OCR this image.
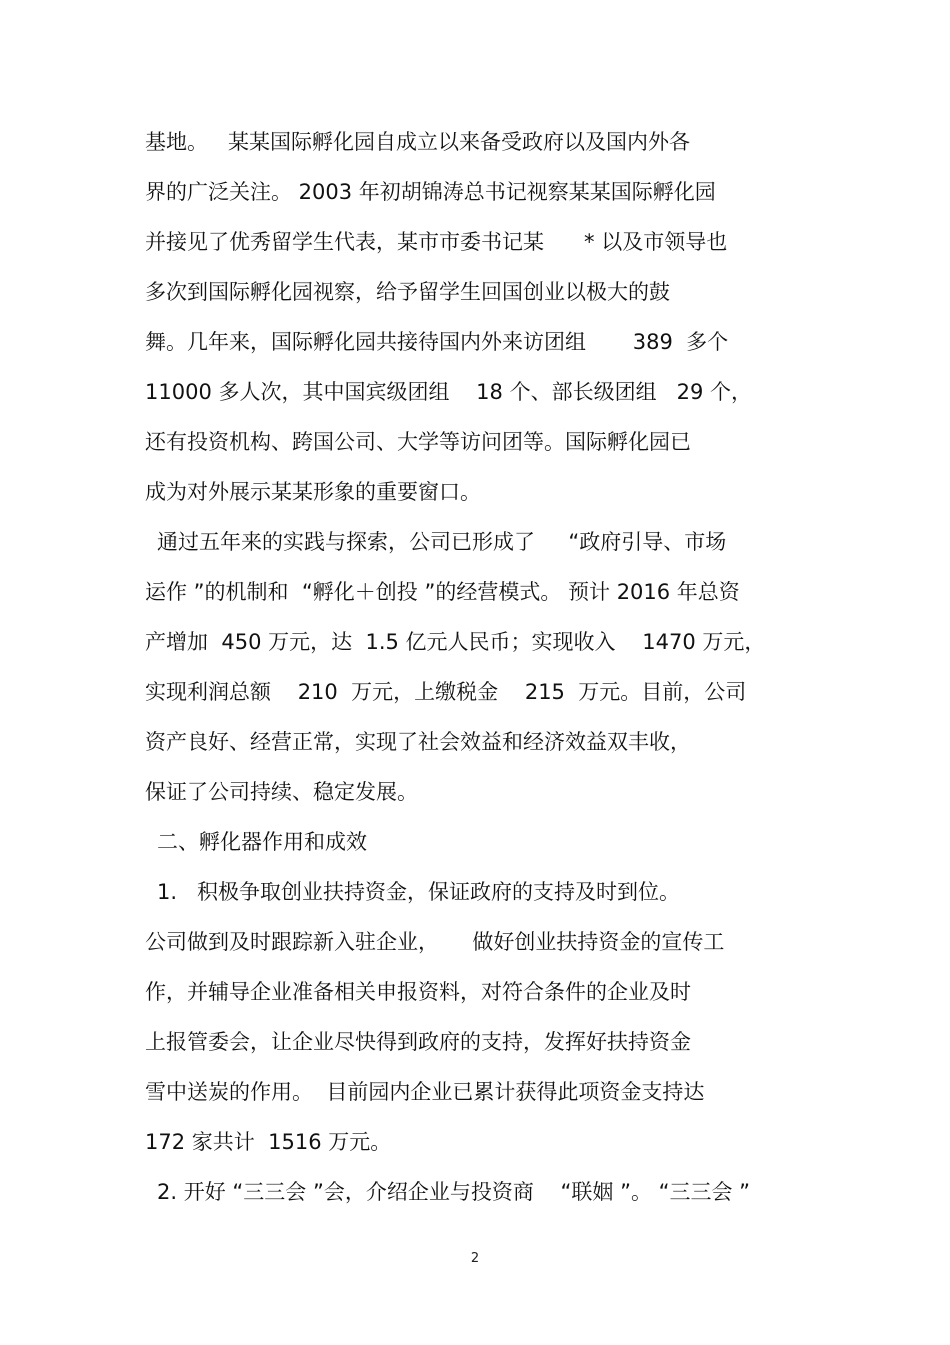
基地。   某某国际孵化园自成立以来备受政府以及国内外各
界的广泛关注。 2003 年初胡锦涛总书记视察某某国际孵化园
并接见了优秀留学生代表，某市市委书记某      * 以及市领导也
多次到国际孵化园视察，给予留学生回国创业以极大的鼓
舞。几年来，国际孵化园共接待国内外来访团组       389  多个
11000 多人次，其中国宾级团组    18 个、部长级团组   29 个，
还有投资机构、跨国公司、大学等访问团等。国际孵化园已
成为对外展示某某形象的重要窗口。
通过五年来的实践与探索，公司已形成了     “政府引导、市场
运作 ”的机制和  “孵化＋创投 ”的经营模式。 预计 2016 年总资
产增加  450 万元，达  1.5 亿元人民币；实现收入    1470 万元，
实现利润总额    210  万元，上缴税金    215  万元。目前，公司
资产良好、经营正常，实现了社会效益和经济效益双丰收，
保证了公司持续、稳定发展。
二、孵化器作用和成效
1.   积极争取创业扶持资金，保证政府的支持及时到位。
公司做到及时跟踪新入驻企业，     做好创业扶持资金的宣传工
作，并辅导企业准备相关申报资料，对符合条件的企业及时
上报管委会，让企业尽快得到政府的支持，发挥好扶持资金
雪中送炭的作用。  目前园内企业已累计获得此项资金支持达
172 家共计  1516 万元。
2. 开好 “三三会 ”会，介绍企业与投资商    “联姻 ”。 “三三会 ”
2
